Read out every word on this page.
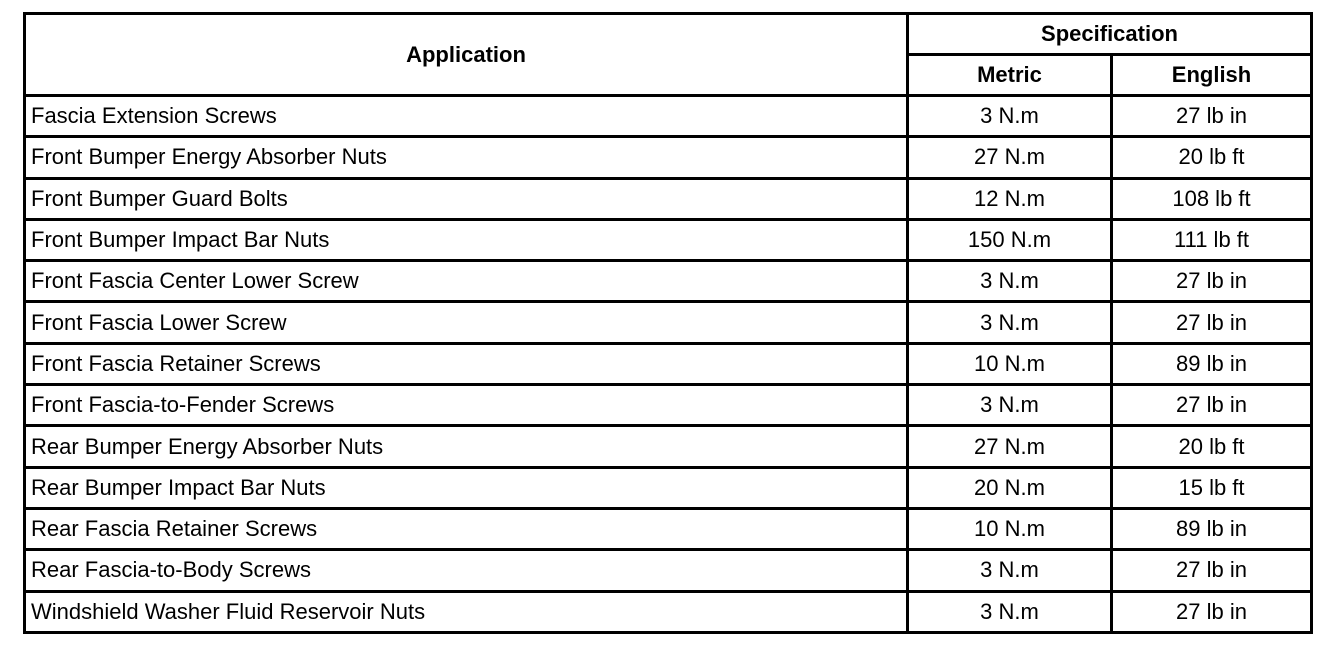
Application	Specification	
	Metric	English
Fascia Extension Screws	3 N.m	27 lb in
Front Bumper Energy Absorber Nuts	27 N.m	20 lb ft
Front Bumper Guard Bolts	12 N.m	108 lb ft
Front Bumper Impact Bar Nuts	150 N.m	111 lb ft
Front Fascia Center Lower Screw	3 N.m	27 lb in
Front Fascia Lower Screw	3 N.m	27 lb in
Front Fascia Retainer Screws	10 N.m	89 lb in
Front Fascia-to-Fender Screws	3 N.m	27 lb in
Rear Bumper Energy Absorber Nuts	27 N.m	20 lb ft
Rear Bumper Impact Bar Nuts	20 N.m	15 lb ft
Rear Fascia Retainer Screws	10 N.m	89 lb in
Rear Fascia-to-Body Screws	3 N.m	27 lb in
Windshield Washer Fluid Reservoir Nuts	3 N.m	27 lb in
